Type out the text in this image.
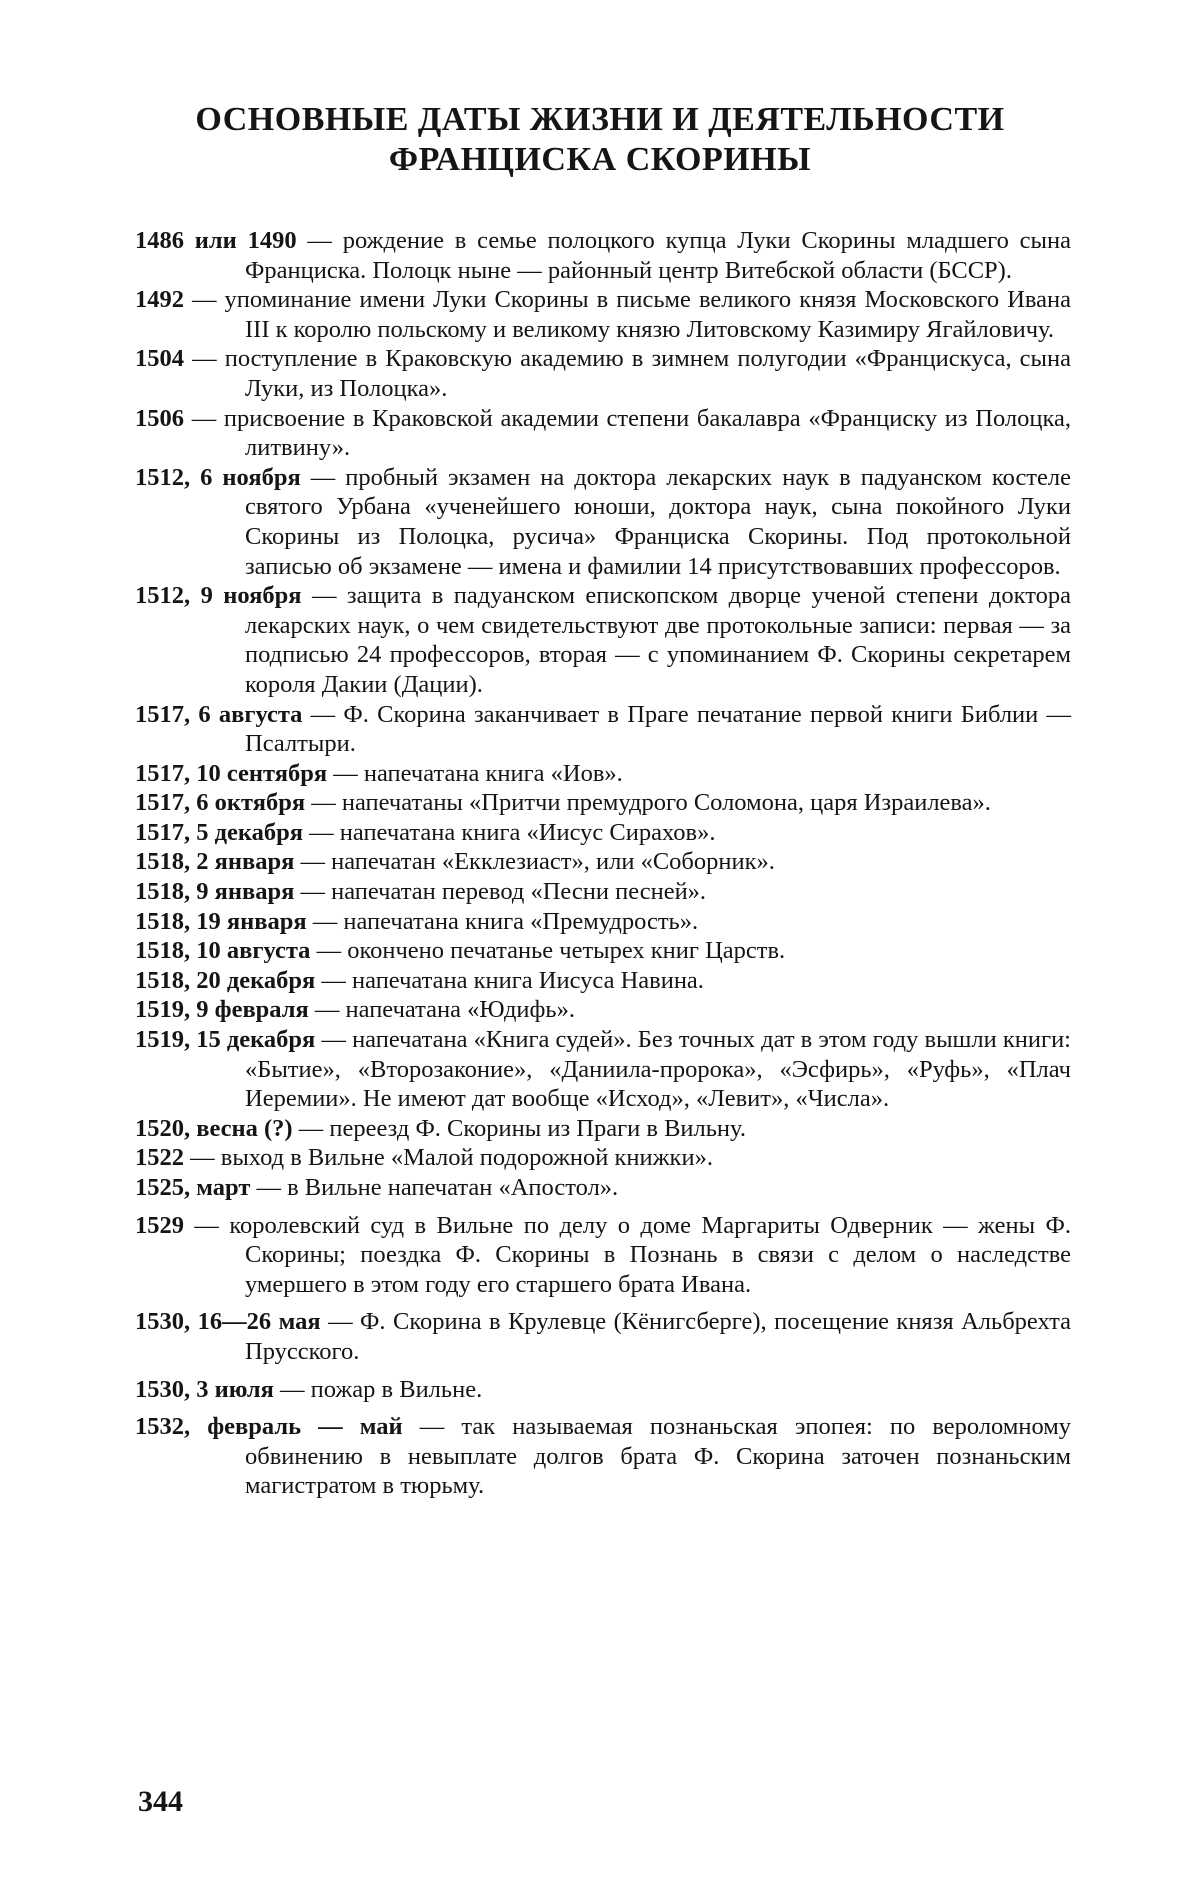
ОСНОВНЫЕ ДАТЫ ЖИЗНИ И ДЕЯТЕЛЬНОСТИ
ФРАНЦИСКА СКОРИНЫ

1486 или 1490 — рождение в семье полоцкого купца Луки Скорины младшего сына Франциска. Полоцк ныне — районный центр Витебской области (БССР).

1492 — упоминание имени Луки Скорины в письме великого князя Московского Ивана III к королю польскому и великому князю Литовскому Казимиру Ягайловичу.

1504 — поступление в Краковскую академию в зимнем полугодии «Францискуса, сына Луки, из Полоцка».

1506 — присвоение в Краковской академии степени бакалавра «Франциску из Полоцка, литвину».

1512, 6 ноября — пробный экзамен на доктора лекарских наук в падуанском костеле святого Урбана «ученейшего юноши, доктора наук, сына покойного Луки Скорины из Полоцка, русича» Франциска Скорины. Под протокольной записью об экзамене — имена и фамилии 14 присутствовавших профессоров.

1512, 9 ноября — защита в падуанском епископском дворце ученой степени доктора лекарских наук, о чем свидетельствуют две протокольные записи: первая — за подписью 24 профессоров, вторая — с упоминанием Ф. Скорины секретарем короля Дакии (Дации).

1517, 6 августа — Ф. Скорина заканчивает в Праге печатание первой книги Библии — Псалтыри.

1517, 10 сентября — напечатана книга «Иов».

1517, 6 октября — напечатаны «Притчи премудрого Соломона, царя Израилева».

1517, 5 декабря — напечатана книга «Иисус Сирахов».

1518, 2 января — напечатан «Екклезиаст», или «Соборник».

1518, 9 января — напечатан перевод «Песни песней».

1518, 19 января — напечатана книга «Премудрость».

1518, 10 августа — окончено печатанье четырех книг Царств.

1518, 20 декабря — напечатана книга Иисуса Навина.

1519, 9 февраля — напечатана «Юдифь».

1519, 15 декабря — напечатана «Книга судей». Без точных дат в этом году вышли книги: «Бытие», «Второзаконие», «Даниила-пророка», «Эсфирь», «Руфь», «Плач Иеремии». Не имеют дат вообще «Исход», «Левит», «Числа».

1520, весна (?) — переезд Ф. Скорины из Праги в Вильну.

1522 — выход в Вильне «Малой подорожной книжки».

1525, март — в Вильне напечатан «Апостол».

1529 — королевский суд в Вильне по делу о доме Маргариты Одверник — жены Ф. Скорины; поездка Ф. Скорины в Познань в связи с делом о наследстве умершего в этом году его старшего брата Ивана.

1530, 16—26 мая — Ф. Скорина в Крулевце (Кёнигсберге), посещение князя Альбрехта Прусского.

1530, 3 июля — пожар в Вильне.

1532, февраль — май — так называемая познаньская эпопея: по вероломному обвинению в невыплате долгов брата Ф. Скорина заточен познаньским магистратом в тюрьму.

344
